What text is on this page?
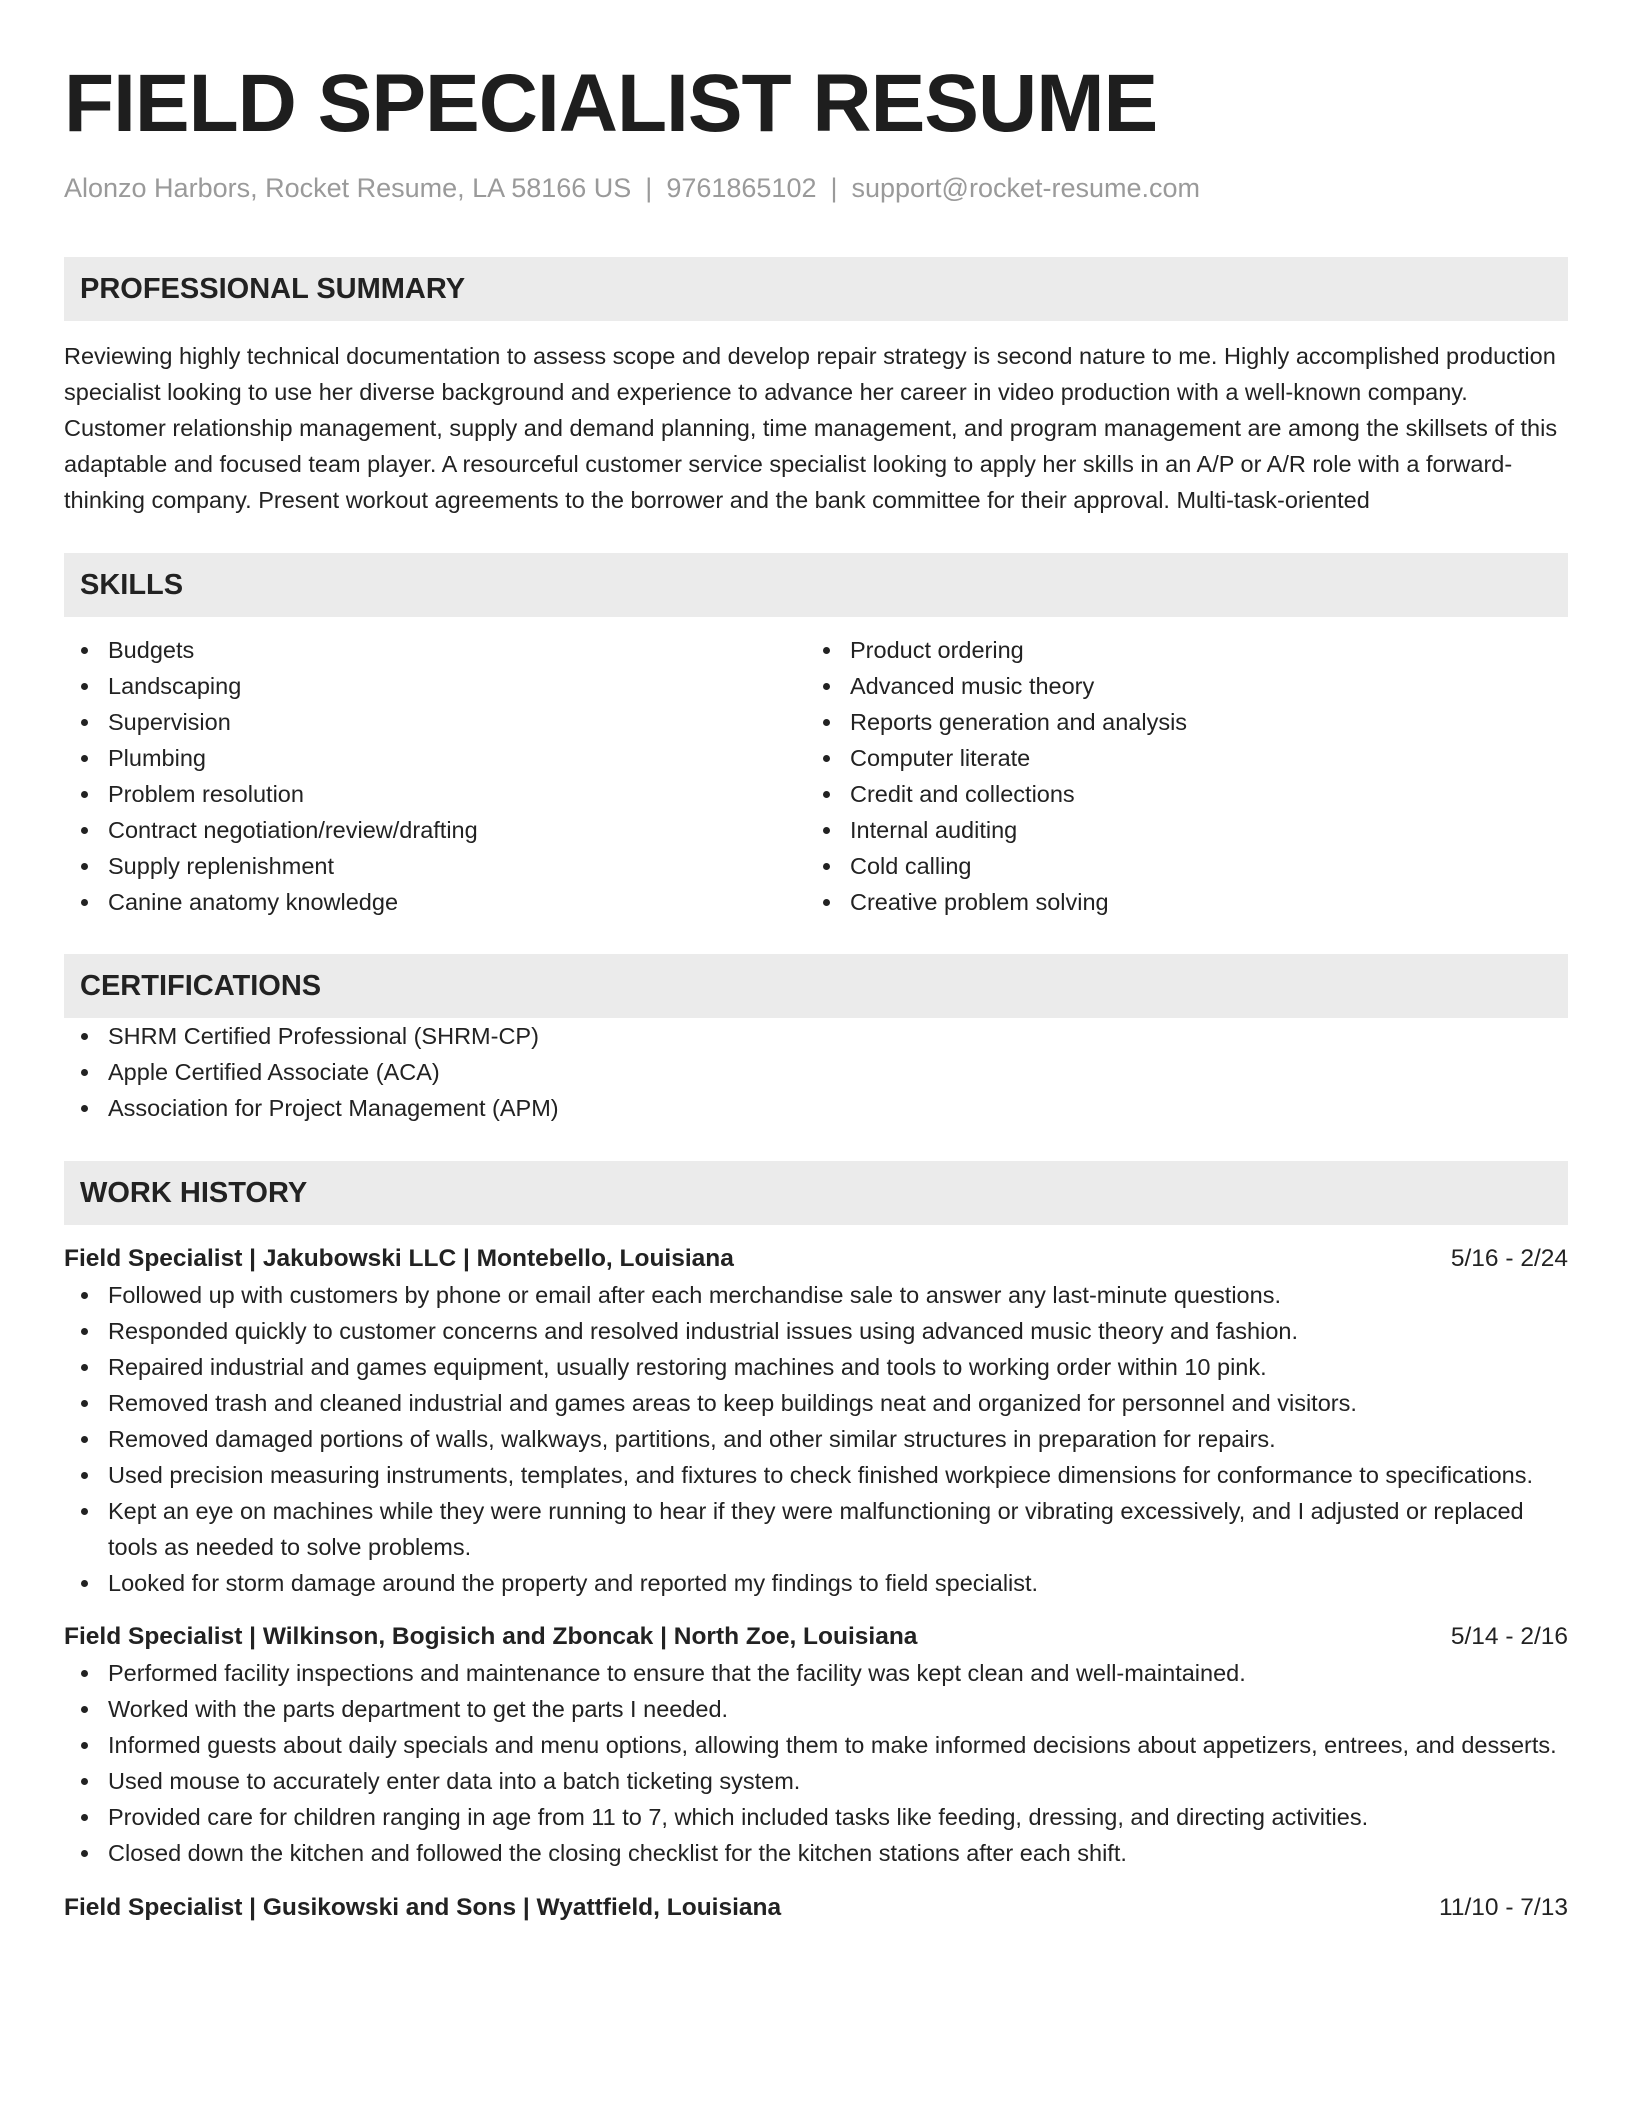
FIELD SPECIALIST RESUME
Alonzo Harbors, Rocket Resume, LA 58166 US | 9761865102 | support@rocket-resume.com
PROFESSIONAL SUMMARY

Reviewing highly technical documentation to assess scope and develop repair strategy is second nature to me. Highly accomplished production specialist looking to use her diverse background and experience to advance her career in video production with a well-known company. Customer relationship management, supply and demand planning, time management, and program management are among the skillsets of this adaptable and focused team player. A resourceful customer service specialist looking to apply her skills in an A/P or A/R role with a forward-thinking company. Present workout agreements to the borrower and the bank committee for their approval. Multi-task-oriented

SKILLS
Budgets
Landscaping
Supervision
Plumbing
Problem resolution
Contract negotiation/review/drafting
Supply replenishment
Canine anatomy knowledge
Product ordering
Advanced music theory
Reports generation and analysis
Computer literate
Credit and collections
Internal auditing
Cold calling
Creative problem solving
CERTIFICATIONS
SHRM Certified Professional (SHRM-CP)
Apple Certified Associate (ACA)
Association for Project Management (APM)
WORK HISTORY
Field Specialist | Jakubowski LLC | Montebello, Louisiana	5/16 - 2/24
Followed up with customers by phone or email after each merchandise sale to answer any last-minute questions.
Responded quickly to customer concerns and resolved industrial issues using advanced music theory and fashion.
Repaired industrial and games equipment, usually restoring machines and tools to working order within 10 pink.
Removed trash and cleaned industrial and games areas to keep buildings neat and organized for personnel and visitors.
Removed damaged portions of walls, walkways, partitions, and other similar structures in preparation for repairs.
Used precision measuring instruments, templates, and fixtures to check finished workpiece dimensions for conformance to specifications.
Kept an eye on machines while they were running to hear if they were malfunctioning or vibrating excessively, and I adjusted or replaced tools as needed to solve problems.
Looked for storm damage around the property and reported my findings to field specialist.
Field Specialist | Wilkinson, Bogisich and Zboncak | North Zoe, Louisiana	5/14 - 2/16
Performed facility inspections and maintenance to ensure that the facility was kept clean and well-maintained.
Worked with the parts department to get the parts I needed.
Informed guests about daily specials and menu options, allowing them to make informed decisions about appetizers, entrees, and desserts.
Used mouse to accurately enter data into a batch ticketing system.
Provided care for children ranging in age from 11 to 7, which included tasks like feeding, dressing, and directing activities.
Closed down the kitchen and followed the closing checklist for the kitchen stations after each shift.
Field Specialist | Gusikowski and Sons | Wyattfield, Louisiana	11/10 - 7/13
